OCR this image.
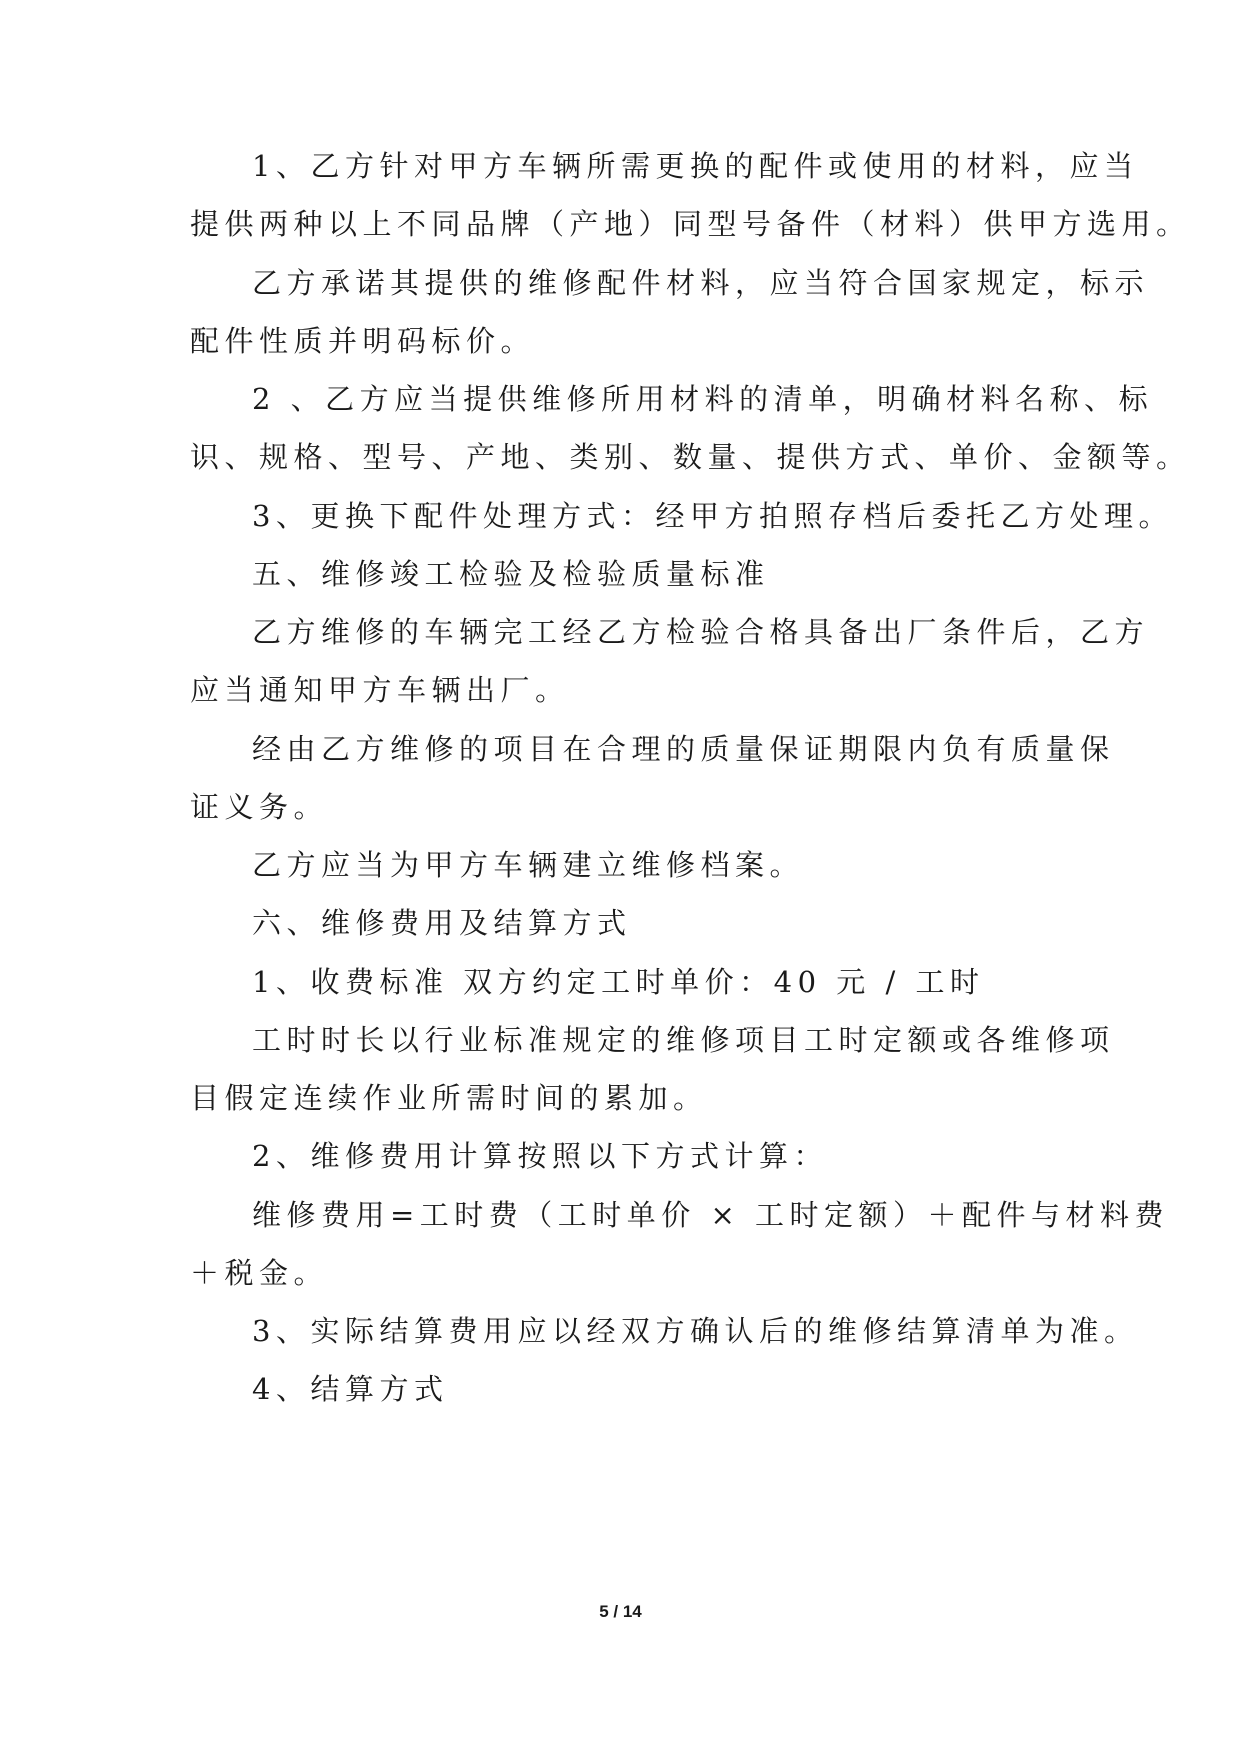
1、乙方针对甲方车辆所需更换的配件或使用的材料，应当
提供两种以上不同品牌（产地）同型号备件（材料）供甲方选用。
乙方承诺其提供的维修配件材料，应当符合国家规定，标示
配件性质并明码标价。
2 、乙方应当提供维修所用材料的清单，明确材料名称、标
识、规格、型号、产地、类别、数量、提供方式、单价、金额等。
3、更换下配件处理方式：经甲方拍照存档后委托乙方处理。
五、维修竣工检验及检验质量标准
乙方维修的车辆完工经乙方检验合格具备出厂条件后，乙方
应当通知甲方车辆出厂。
经由乙方维修的项目在合理的质量保证期限内负有质量保
证义务。
乙方应当为甲方车辆建立维修档案。
六、维修费用及结算方式
1、收费标准 双方约定工时单价：40 元 / 工时
工时时长以行业标准规定的维修项目工时定额或各维修项
目假定连续作业所需时间的累加。
2、维修费用计算按照以下方式计算：
维修费用=工时费（工时单价 × 工时定额）＋配件与材料费
＋税金。
3、实际结算费用应以经双方确认后的维修结算清单为准。
4、结算方式
5 / 14
